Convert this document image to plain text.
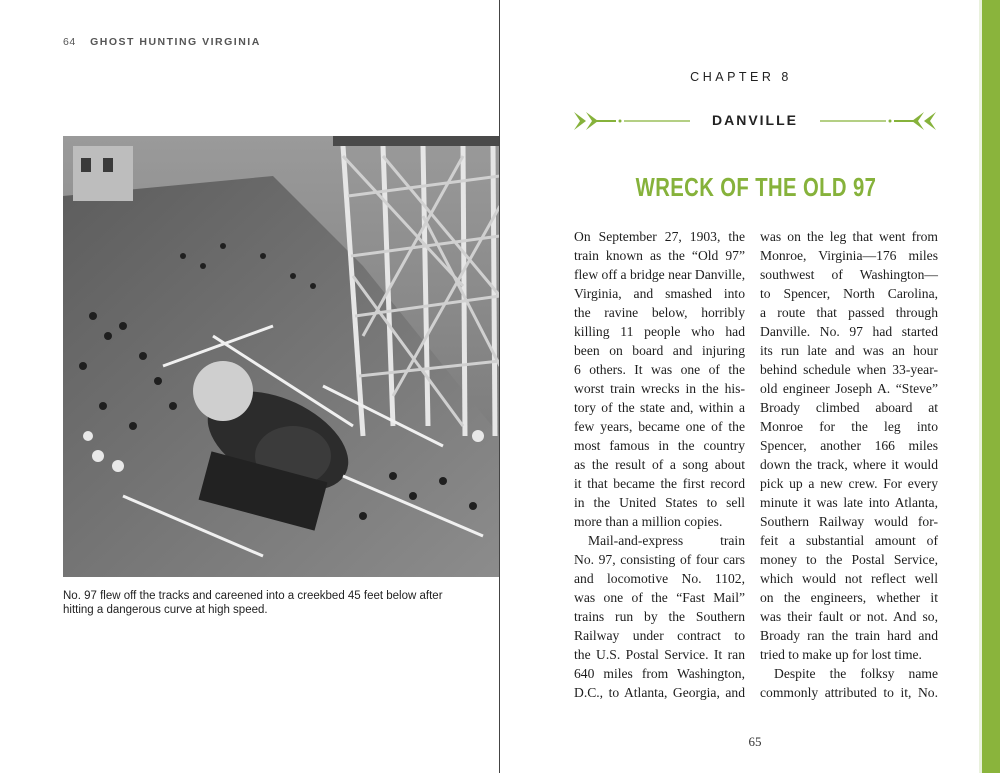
64 GHOST HUNTING VIRGINIA
No. 97 flew off the tracks and careened into a creekbed 45 feet below after hitting a dangerous curve at high speed.
CHAPTER 8
DANVILLE
WRECK OF THE OLD 97
On September 27, 1903, the
train known as the “Old 97”
flew off a bridge near Danville,
Virginia, and smashed into
the ravine below, horribly
killing 11 people who had
been on board and injuring
6 others. It was one of the
worst train wrecks in the his-
tory of the state and, within a
few years, became one of the
most famous in the country
as the result of a song about
it that became the first record
in the United States to sell
more than a million copies.
Mail-and-express train
No. 97, consisting of four cars
and locomotive No. 1102,
was one of the “Fast Mail”
trains run by the Southern
Railway under contract to
the U.S. Postal Service. It ran
640 miles from Washington,
D.C., to Atlanta, Georgia, and
was on the leg that went from
Monroe, Virginia—176 miles
southwest of Washington—
to Spencer, North Carolina,
a route that passed through
Danville. No. 97 had started
its run late and was an hour
behind schedule when 33-year-
old engineer Joseph A. “Steve”
Broady climbed aboard at
Monroe for the leg into
Spencer, another 166 miles
down the track, where it would
pick up a new crew. For every
minute it was late into Atlanta,
Southern Railway would for-
feit a substantial amount of
money to the Postal Service,
which would not reflect well
on the engineers, whether it
was their fault or not. And so,
Broady ran the train hard and
tried to make up for lost time.
Despite the folksy name
commonly attributed to it, No.
65
